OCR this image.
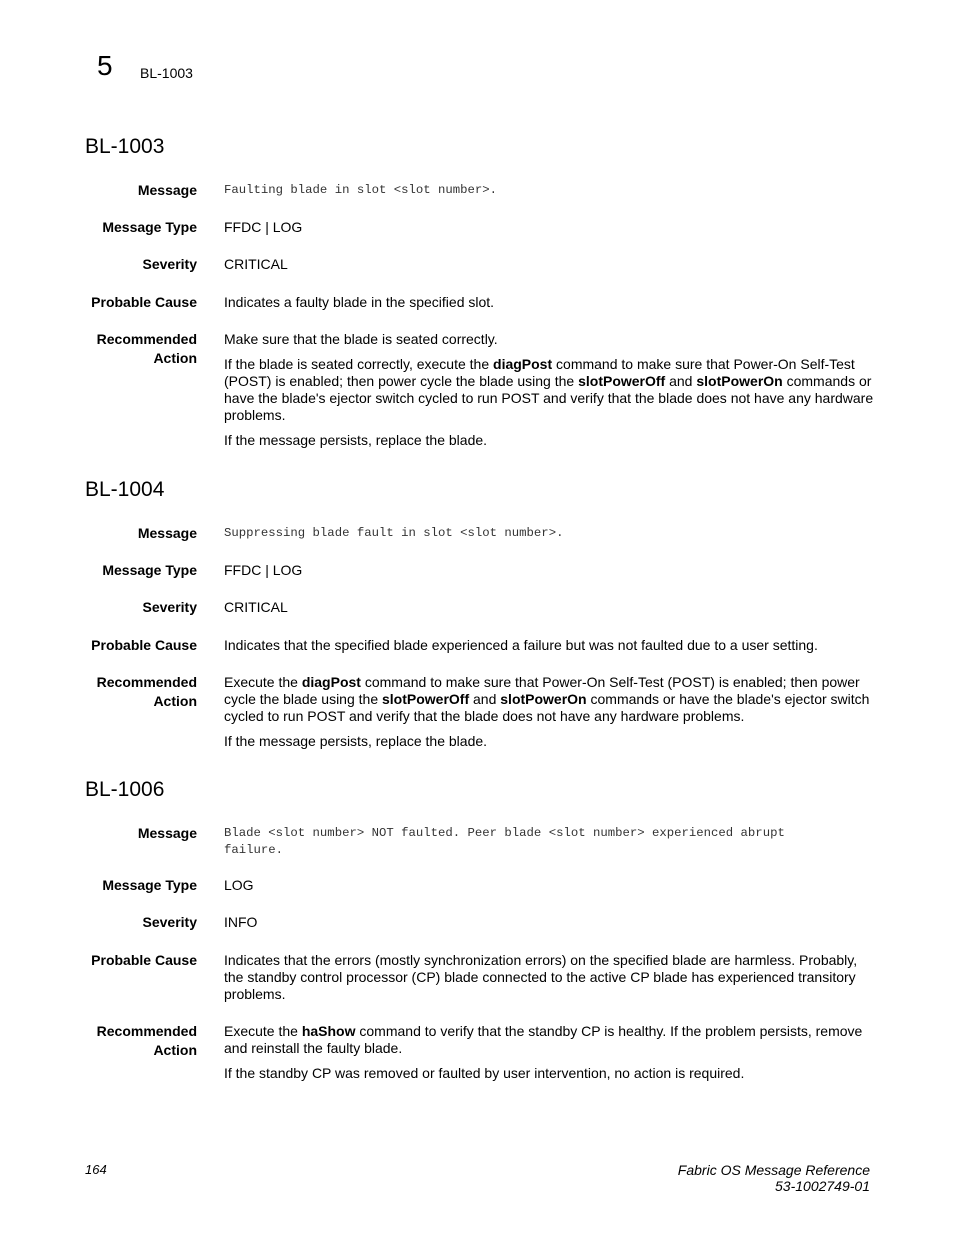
5 BL-1003
BL-1003
Message Faulting blade in slot <slot number>.
Message Type FFDC | LOG
Severity CRITICAL
Probable Cause Indicates a faulty blade in the specified slot.
Recommended
Action

Make sure that the blade is seated correctly.

If the blade is seated correctly, execute the diagPost command to make sure that Power-On Self-Test (POST) is enabled; then power cycle the blade using the slotPowerOff and slotPowerOn commands or have the blade's ejector switch cycled to run POST and verify that the blade does not have any hardware problems.

If the message persists, replace the blade.

BL-1004
Message Suppressing blade fault in slot <slot number>.
Message Type FFDC | LOG
Severity CRITICAL
Probable Cause Indicates that the specified blade experienced a failure but was not faulted due to a user setting.
Recommended
Action

Execute the diagPost command to make sure that Power-On Self-Test (POST) is enabled; then power cycle the blade using the slotPowerOff and slotPowerOn commands or have the blade's ejector switch cycled to run POST and verify that the blade does not have any hardware problems.

If the message persists, replace the blade.

BL-1006
Message Blade <slot number> NOT faulted. Peer blade <slot number> experienced abrupt failure.
Message Type LOG
Severity INFO
Probable Cause Indicates that the errors (mostly synchronization errors) on the specified blade are harmless. Probably, the standby control processor (CP) blade connected to the active CP blade has experienced transitory problems.
Recommended
Action

Execute the haShow command to verify that the standby CP is healthy. If the problem persists, remove and reinstall the faulty blade.

If the standby CP was removed or faulted by user intervention, no action is required.

164	Fabric OS Message Reference
53-1002749-01
